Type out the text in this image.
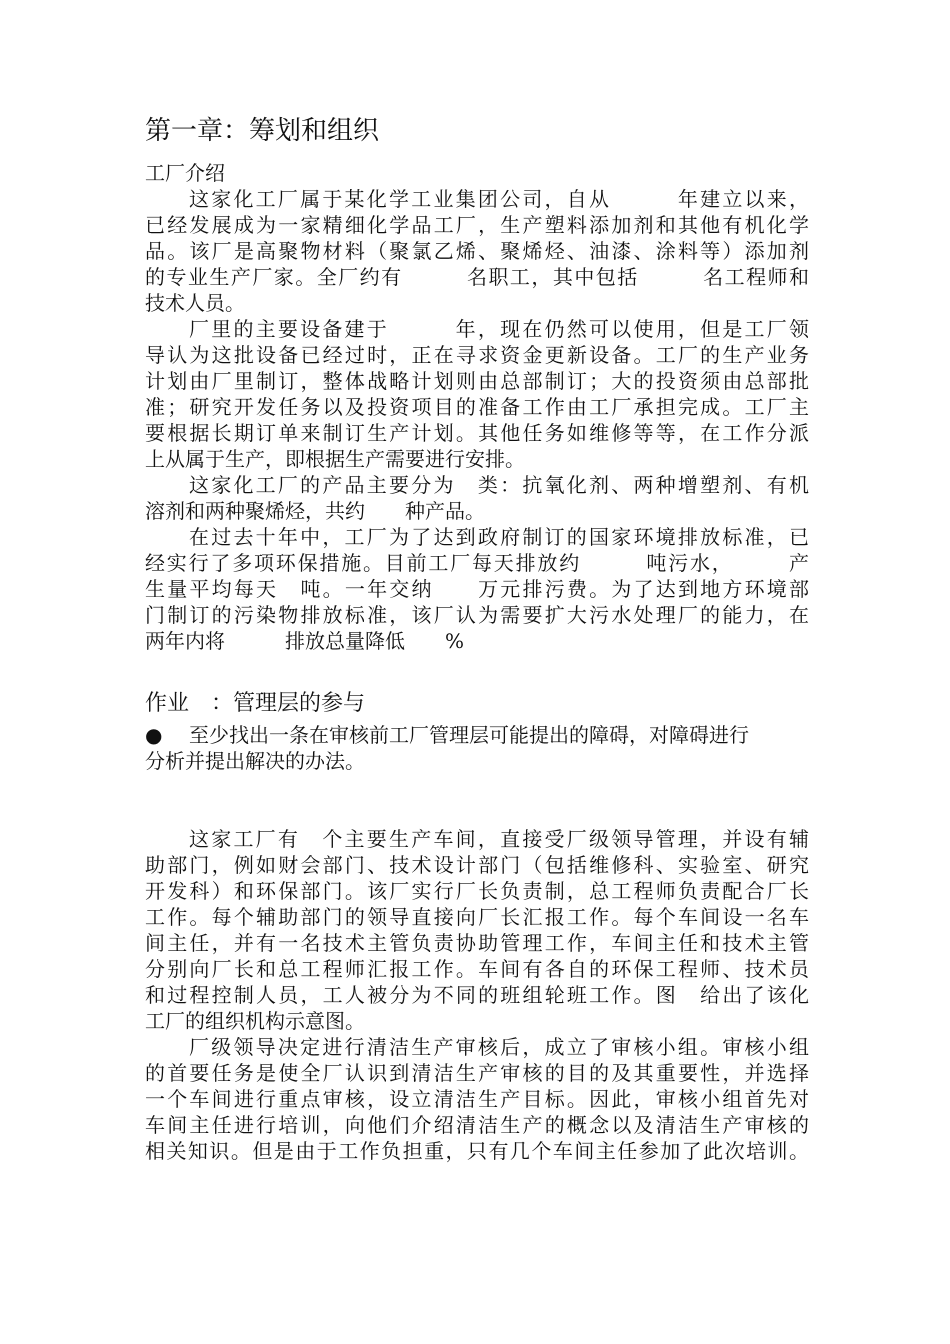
第一章：筹划和组织
工厂介绍
这家化工厂属于某化学工业集团公司，自从　　　年建立以来，
已经发展成为一家精细化学品工厂，生产塑料添加剂和其他有机化学
品。该厂是高聚物材料（聚氯乙烯、聚烯烃、油漆、涂料等）添加剂
的专业生产厂家。全厂约有　　　名职工，其中包括　　　名工程师和
技术人员。
厂里的主要设备建于　　　年，现在仍然可以使用，但是工厂领
导认为这批设备已经过时，正在寻求资金更新设备。工厂的生产业务
计划由厂里制订，整体战略计划则由总部制订；大的投资须由总部批
准；研究开发任务以及投资项目的准备工作由工厂承担完成。工厂主
要根据长期订单来制订生产计划。其他任务如维修等等，在工作分派
上从属于生产，即根据生产需要进行安排。
这家化工厂的产品主要分为　类：抗氧化剂、两种增塑剂、有机
溶剂和两种聚烯烃，共约　　种产品。
在过去十年中，工厂为了达到政府制订的国家环境排放标准，已
经实行了多项环保措施。目前工厂每天排放约　　　吨污水，　　　产
生量平均每天　吨。一年交纳　　万元排污费。为了达到地方环境部
门制订的污染物排放标准，该厂认为需要扩大污水处理厂的能力，在
两年内将　　　排放总量降低　　%
作业　：管理层的参与
● 至少找出一条在审核前工厂管理层可能提出的障碍，对障碍进行
分析并提出解决的办法。
这家工厂有　个主要生产车间，直接受厂级领导管理，并设有辅
助部门，例如财会部门、技术设计部门（包括维修科、实验室、研究
开发科）和环保部门。该厂实行厂长负责制，总工程师负责配合厂长
工作。每个辅助部门的领导直接向厂长汇报工作。每个车间设一名车
间主任，并有一名技术主管负责协助管理工作，车间主任和技术主管
分别向厂长和总工程师汇报工作。车间有各自的环保工程师、技术员
和过程控制人员，工人被分为不同的班组轮班工作。图　给出了该化
工厂的组织机构示意图。
厂级领导决定进行清洁生产审核后，成立了审核小组。审核小组
的首要任务是使全厂认识到清洁生产审核的目的及其重要性，并选择
一个车间进行重点审核，设立清洁生产目标。因此，审核小组首先对
车间主任进行培训，向他们介绍清洁生产的概念以及清洁生产审核的
相关知识。但是由于工作负担重，只有几个车间主任参加了此次培训。
